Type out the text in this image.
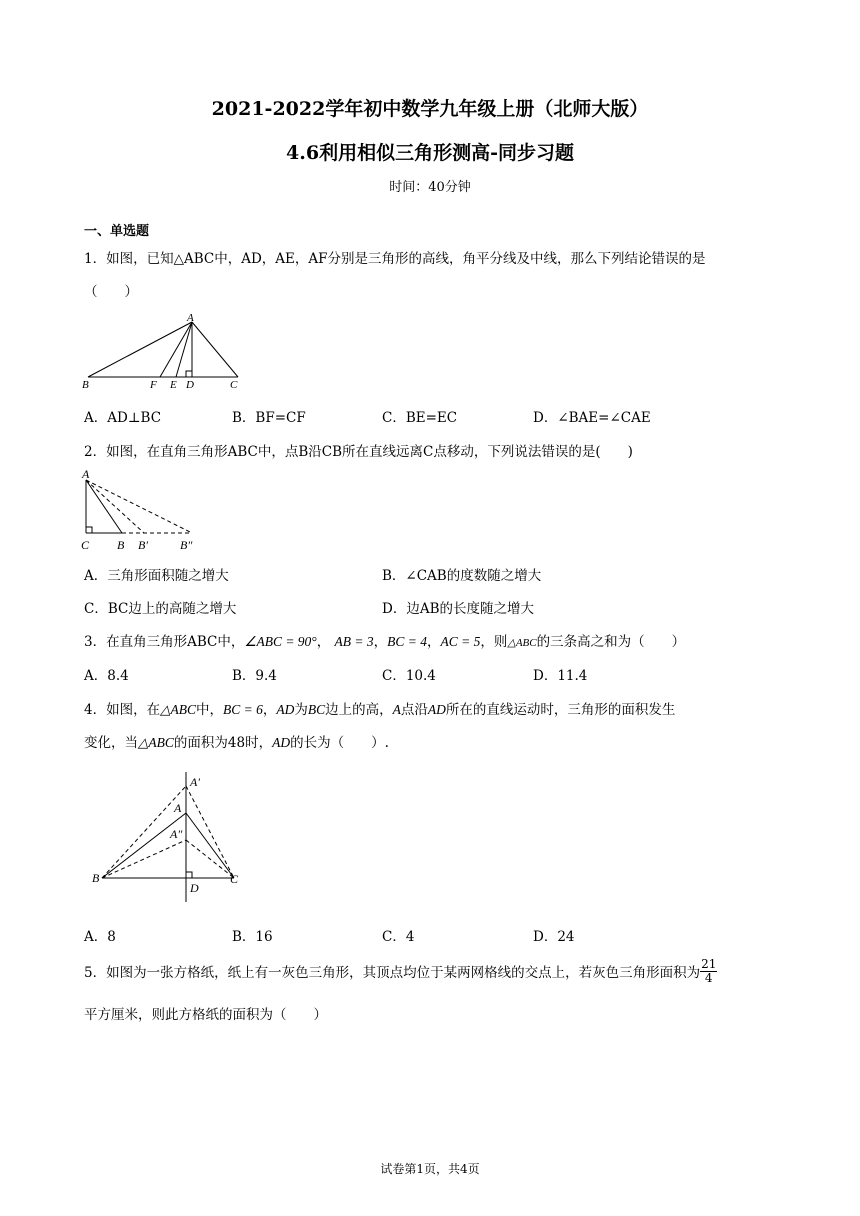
2021-2022学年初中数学九年级上册（北师大版）
4.6利用相似三角形测高-同步习题
时间：40分钟
一、单选题
1．如图，已知△ABC中，AD，AE，AF分别是三角形的高线，角平分线及中线，那么下列结论错误的是
（　　）
A
B	F E D	C
A．AD⊥BC	B．BF=CF	C．BE=EC	D．∠BAE=∠CAE
2．如图，在直角三角形ABC中，点B沿CB所在直线远离C点移动，下列说法错误的是(　　)
A
C B B′	B″
A．三角形面积随之增大	B．∠CAB的度数随之增大
C．BC边上的高随之增大	D．边AB的长度随之增大
3．在直角三角形ABC中，∠ABC = 90°， AB = 3，BC = 4，AC = 5，则△ABC的三条高之和为（　　）
A．8.4	B．9.4	C．10.4	D．11.4
4．如图，在△ABC中，BC = 6，AD为BC边上的高，A点沿AD所在的直线运动时，三角形的面积发生
变化，当△ABC的面积为48时，AD的长为（　　）.
A′
A
A″
B
D
C
A．8	B．16	C．4	D．24
5．如图为一张方格纸，纸上有一灰色三角形，其顶点均位于某两网格线的交点上，若灰色三角形面积为 $\frac{21}{4}$
平方厘米，则此方格纸的面积为（　　）
试卷第1页，共4页
